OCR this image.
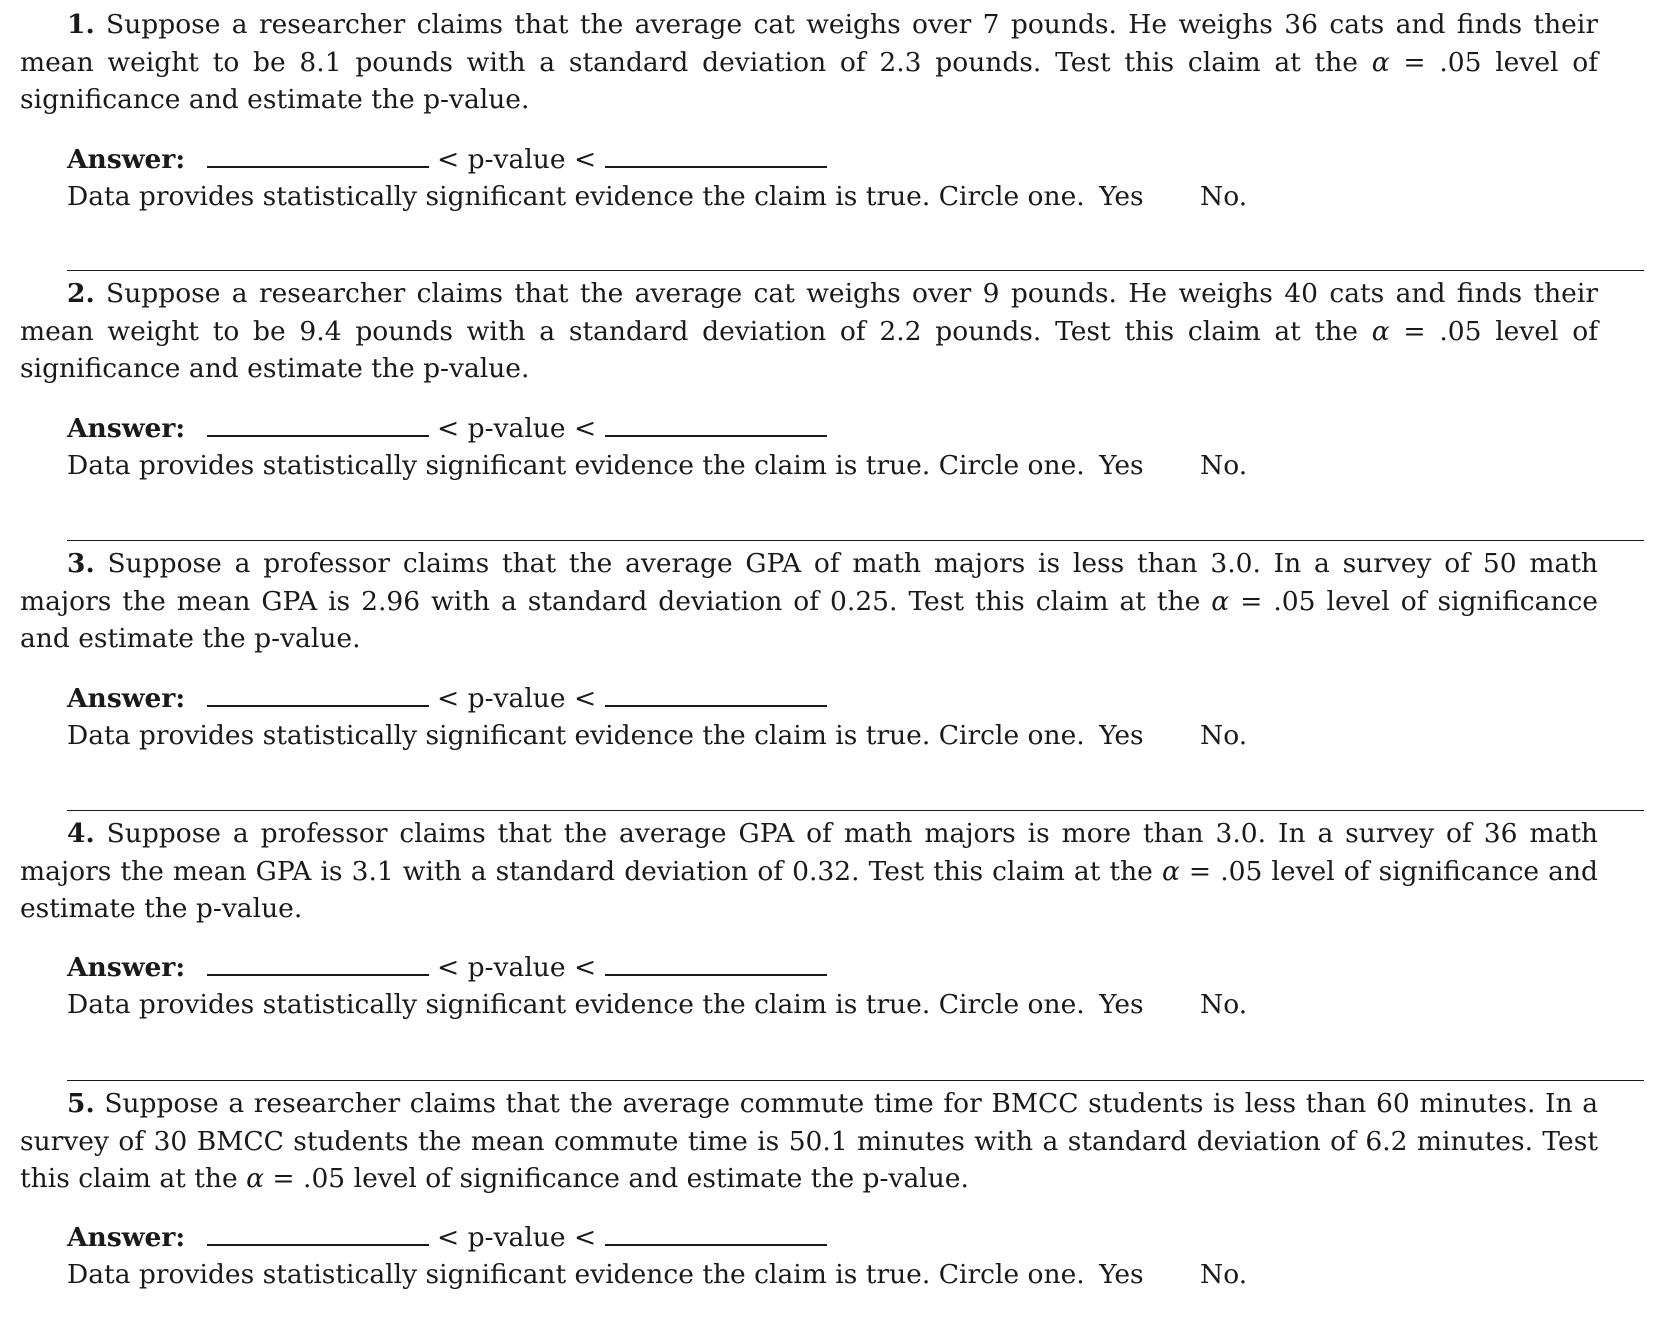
1. Suppose a researcher claims that the average cat weighs over 7 pounds. He weighs 36 cats and finds their mean weight to be 8.1 pounds with a standard deviation of 2.3 pounds. Test this claim at the α = .05 level of significance and estimate the p-value.

Answer:	< p-value <
Data provides statistically significant evidence the claim is true. Circle one. Yes No.

2. Suppose a researcher claims that the average cat weighs over 9 pounds. He weighs 40 cats and finds their mean weight to be 9.4 pounds with a standard deviation of 2.2 pounds. Test this claim at the α = .05 level of significance and estimate the p-value.

Answer:	< p-value <
Data provides statistically significant evidence the claim is true. Circle one. Yes No.

3. Suppose a professor claims that the average GPA of math majors is less than 3.0. In a survey of 50 math majors the mean GPA is 2.96 with a standard deviation of 0.25. Test this claim at the α = .05 level of significance and estimate the p-value.

Answer:	< p-value <
Data provides statistically significant evidence the claim is true. Circle one. Yes No.

4. Suppose a professor claims that the average GPA of math majors is more than 3.0. In a survey of 36 math majors the mean GPA is 3.1 with a standard deviation of 0.32. Test this claim at the α = .05 level of significance and estimate the p-value.

Answer:	< p-value <
Data provides statistically significant evidence the claim is true. Circle one. Yes No.

5. Suppose a researcher claims that the average commute time for BMCC students is less than 60 minutes. In a survey of 30 BMCC students the mean commute time is 50.1 minutes with a standard deviation of 6.2 minutes. Test this claim at the α = .05 level of significance and estimate the p-value.

Answer:	< p-value <
Data provides statistically significant evidence the claim is true. Circle one. Yes No.
